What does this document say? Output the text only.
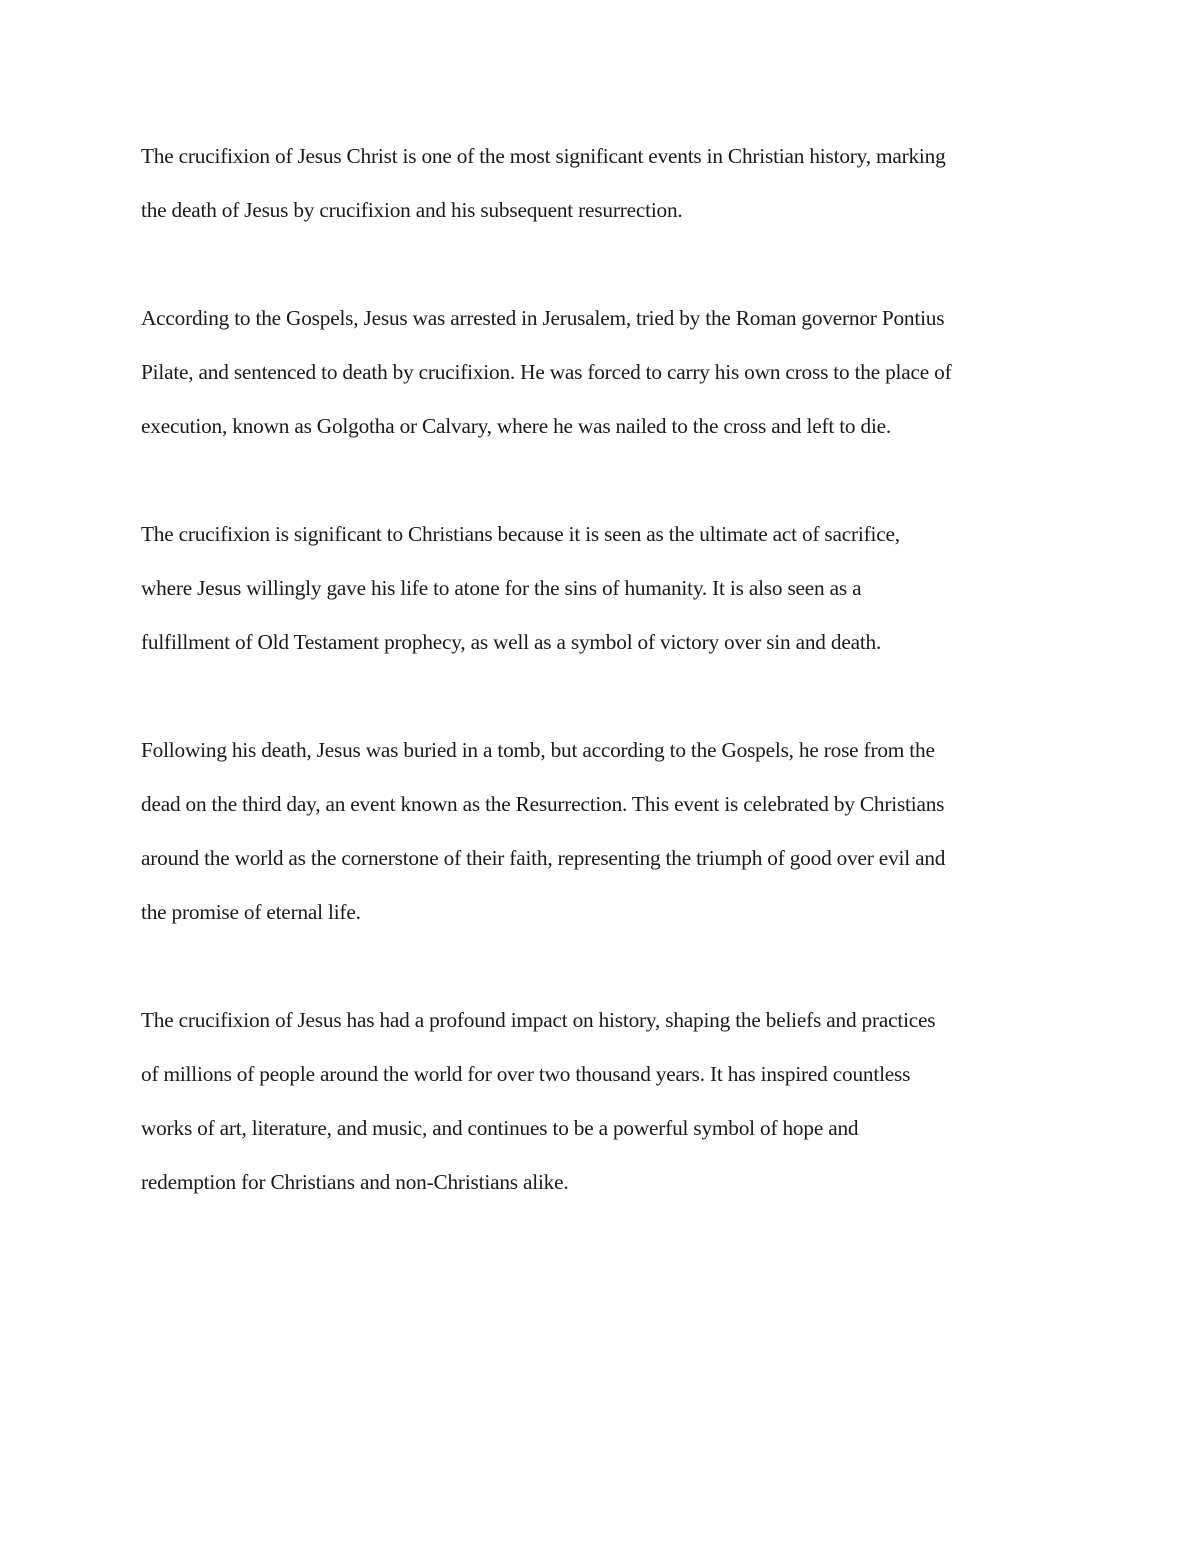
The crucifixion of Jesus Christ is one of the most significant events in Christian history, marking
the death of Jesus by crucifixion and his subsequent resurrection.

According to the Gospels, Jesus was arrested in Jerusalem, tried by the Roman governor Pontius
Pilate, and sentenced to death by crucifixion. He was forced to carry his own cross to the place of
execution, known as Golgotha or Calvary, where he was nailed to the cross and left to die.

The crucifixion is significant to Christians because it is seen as the ultimate act of sacrifice,
where Jesus willingly gave his life to atone for the sins of humanity. It is also seen as a
fulfillment of Old Testament prophecy, as well as a symbol of victory over sin and death.

Following his death, Jesus was buried in a tomb, but according to the Gospels, he rose from the
dead on the third day, an event known as the Resurrection. This event is celebrated by Christians
around the world as the cornerstone of their faith, representing the triumph of good over evil and
the promise of eternal life.

The crucifixion of Jesus has had a profound impact on history, shaping the beliefs and practices
of millions of people around the world for over two thousand years. It has inspired countless
works of art, literature, and music, and continues to be a powerful symbol of hope and
redemption for Christians and non-Christians alike.
